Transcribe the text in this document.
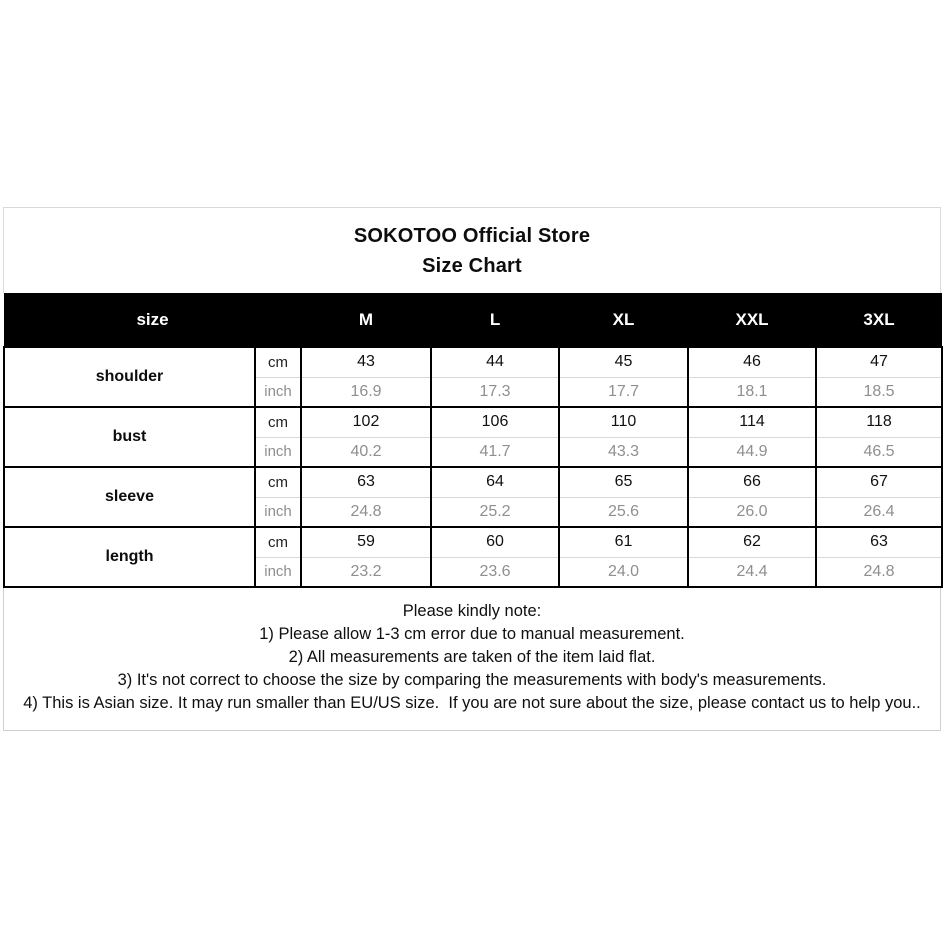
SOKOTOO Official Store
Size Chart
size		M	L	XL	XXL	3XL
shoulder	cm	43	44	45	46	47
	inch	16.9	17.3	17.7	18.1	18.5
bust	cm	102	106	110	114	118
	inch	40.2	41.7	43.3	44.9	46.5
sleeve	cm	63	64	65	66	67
	inch	24.8	25.2	25.6	26.0	26.4
length	cm	59	60	61	62	63
	inch	23.2	23.6	24.0	24.4	24.8
Please kindly note:
1) Please allow 1-3 cm error due to manual measurement.
2) All measurements are taken of the item laid flat.
3) It's not correct to choose the size by comparing the measurements with body's measurements.
4) This is Asian size. It may run smaller than EU/US size.  If you are not sure about the size, please contact us to help you..
